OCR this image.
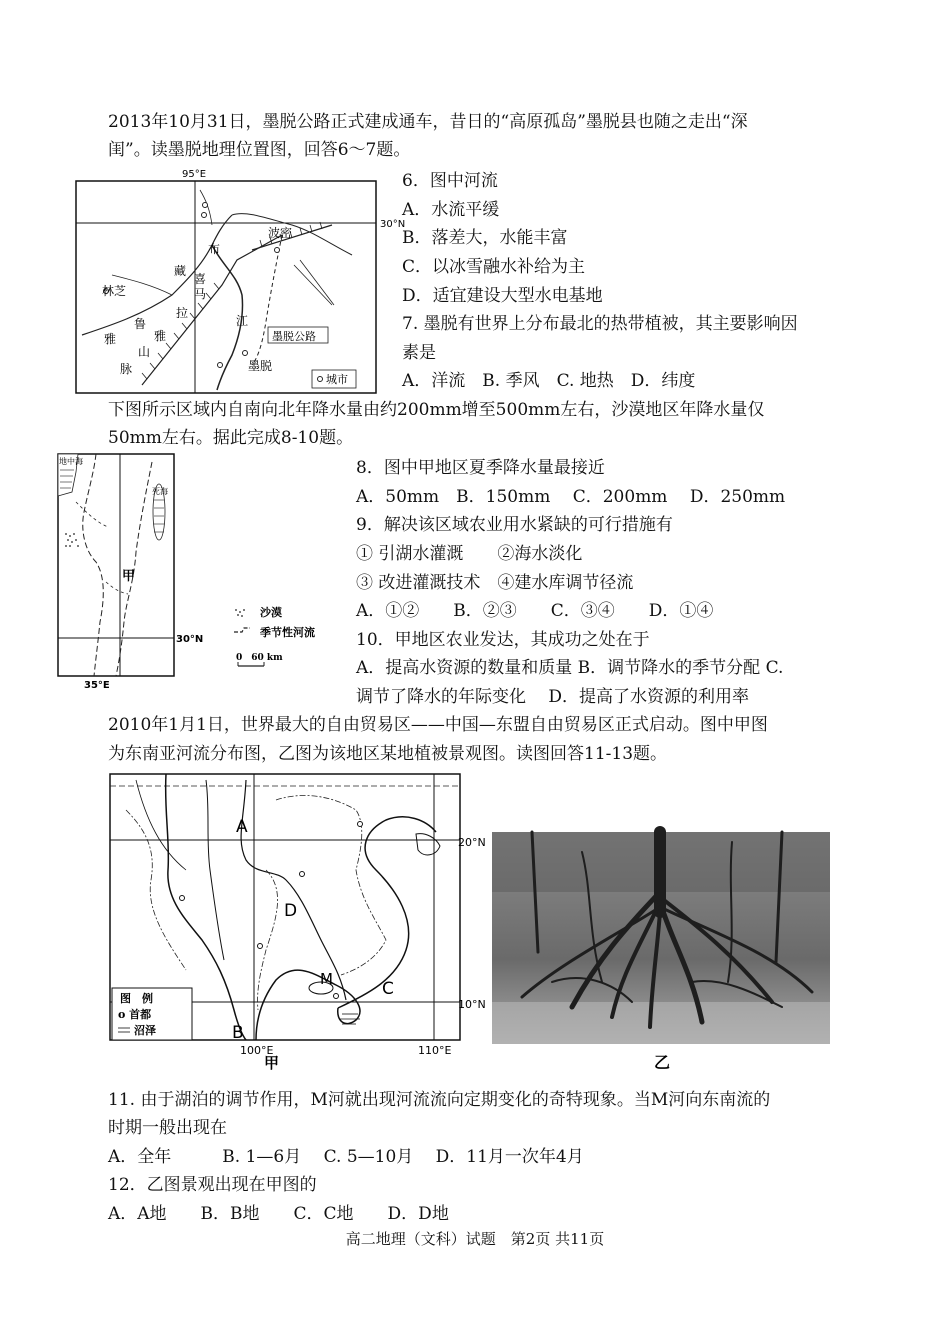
2013年10月31日，墨脱公路正式建成通车，昔日的“高原孤岛”墨脱县也随之走出“深
闺”。读墨脱地理位置图，回答6～7题。
95°E
30°N
波密
林芝
墨脱
雅
鲁
藏
布
江
喜
马
拉
雅
山
脉
墨脱公路
城市
6．图中河流
A．水流平缓
B．落差大，水能丰富
C．以冰雪融水补给为主
D．适宜建设大型水电基地
7. 墨脱有世界上分布最北的热带植被，其主要影响因
素是
A．洋流　B. 季风　C. 地热　D．纬度
下图所示区域内自南向北年降水量由约200mm增至500mm左右，沙漠地区年降水量仅
50mm左右。据此完成8-10题。
30°N
35°E
地中海
死海
甲
沙漠
季节性河流
0　60 km
8．图中甲地区夏季降水量最接近
A．50mm　B．150mm　 C．200mm　 D．250mm
9．解决该区域农业用水紧缺的可行措施有
① 引湖水灌溉　　②海水淡化
③ 改进灌溉技术　④建水库调节径流
A．①②　　B．②③　　C．③④　　D．①④
10．甲地区农业发达，其成功之处在于
A．提高水资源的数量和质量 B．调节降水的季节分配 C.
调节了降水的年际变化　 D．提高了水资源的利用率
2010年1月1日，世界最大的自由贸易区——中国—东盟自由贸易区正式启动。图中甲图
为东南亚河流分布图，乙图为该地区某地植被景观图。读图回答11-13题。
20°N
10°N
100°E	110°E
A
B
C
D
M
图　例
o 首都
沼泽
甲	乙
11. 由于湖泊的调节作用，M河就出现河流流向定期变化的奇特现象。当M河向东南流的
时期一般出现在
A．全年　　　B. 1—6月　 C. 5—10月　 D．11月一次年4月
12．乙图景观出现在甲图的
A．A地　　B．B地　　C．C地　　D．D地
高二地理（文科）试题　第2页 共11页
